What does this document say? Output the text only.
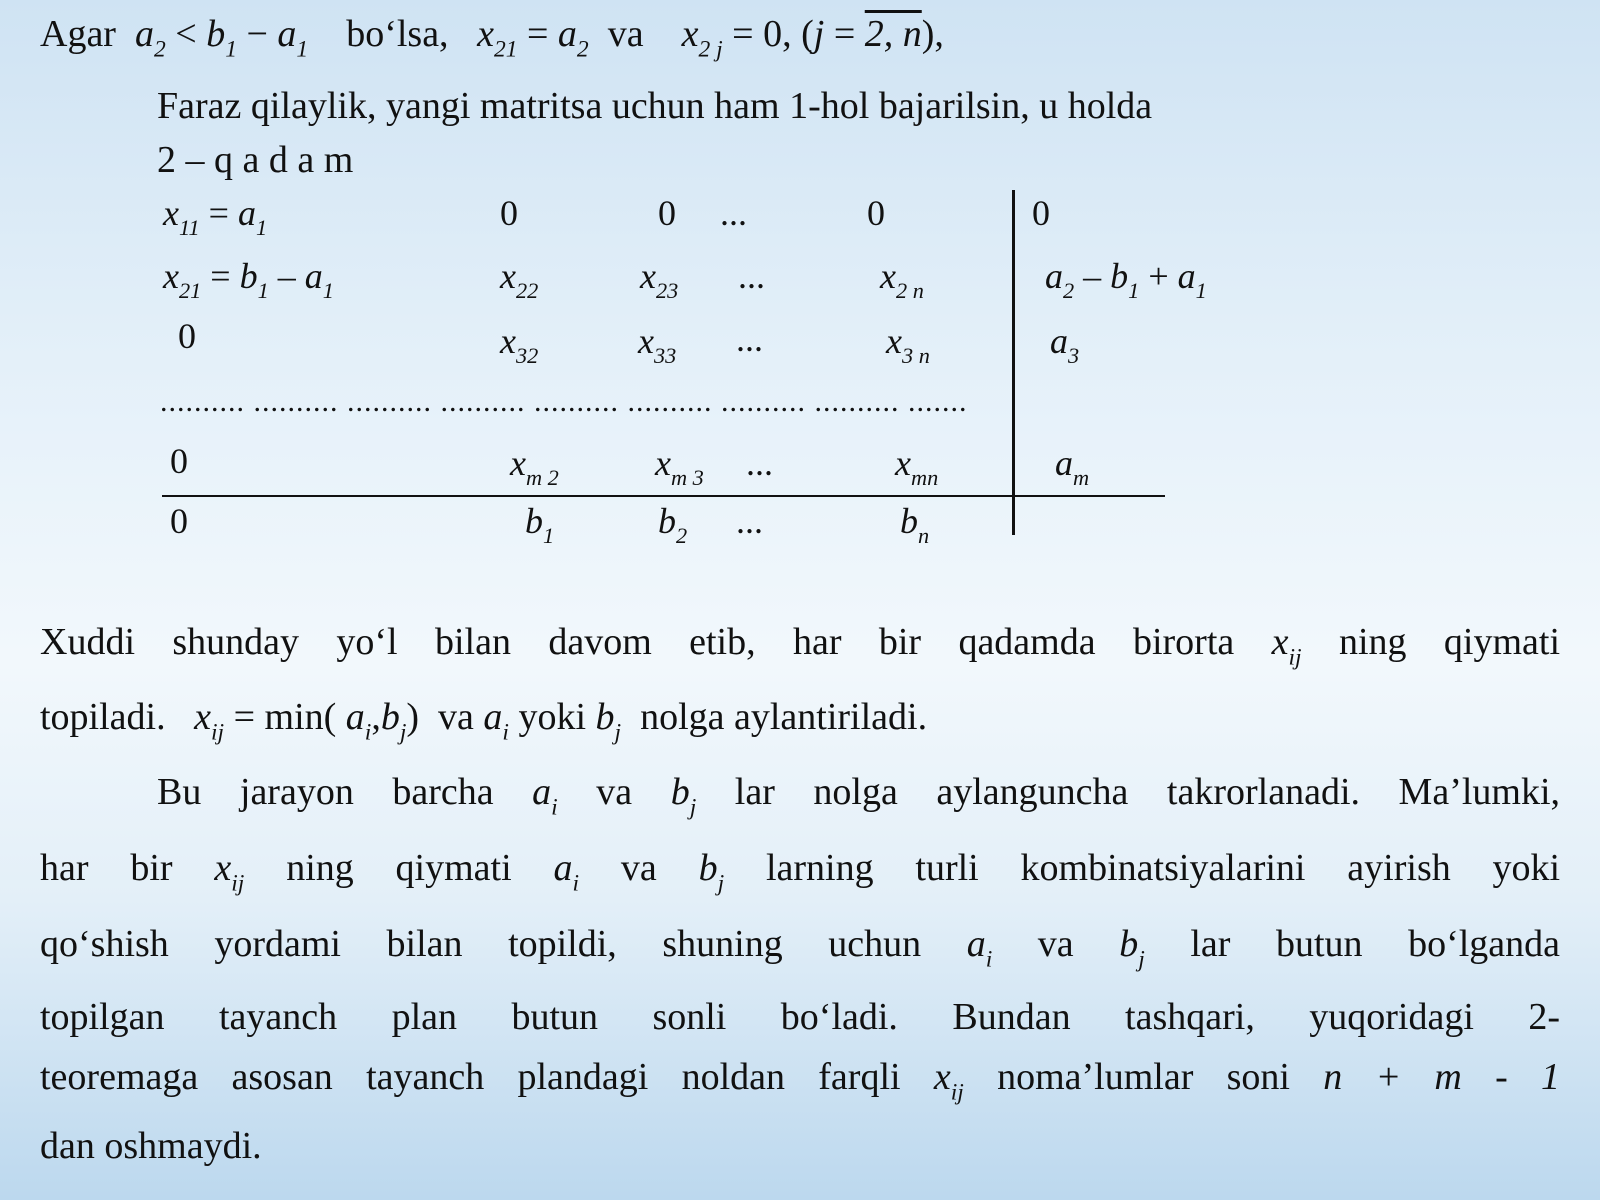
Agar $a_2 < b_1 - a_1$ bo‘lsa, $x_{21} = a_2$ va $x_{2 j} = 0$, (j = 2, n),
Faraz qilaylik, yangi matritsa uchun ham 1-hol bajarilsin, u holda
2 – q a d a m
$x_{11} = a_1$	0	0 ...	0	0
$x_{21} = b_1 - a_1$	$x_{22}$	$x_{23}$ ...	$x_{2 n}$	$a_2 - b_1 + a_1$
0	$x_{32}$	$x_{33}$ ...	$x_{3 n}$	$a_3$
.......... .......... .......... .......... .......... .......... .......... .......... .......
0	$x_{m 2}$	$x_{m 3}$ ...	$x_{mn}$	$a_m$
0	$b_1$	$b_2$ ...	$b_n$
Xuddi shunday yo‘l bilan davom etib, har bir qadamda birorta $x_{ij}$ ning qiymati
topiladi. $x_{ij} = \min$( $a_i,b_j$)  va $a_i$ yoki $b_j$ nolga aylantiriladi.
Bu jarayon barcha $a_i$ va $b_j$ lar nolga aylanguncha takrorlanadi. Ma’lumki,
har bir $x_{ij}$ ning qiymati $a_i$ va $b_j$ larning turli kombinatsiyalarini ayirish yoki
qo‘shish yordami bilan topildi, shuning uchun $a_i$ va $b_j$ lar butun bo‘lganda
topilgan tayanch plan butun sonli bo‘ladi. Bundan tashqari, yuqoridagi 2-
teoremaga asosan tayanch plandagi noldan farqli $x_{ij}$ noma’lumlar soni n + m - 1
dan oshmaydi.
